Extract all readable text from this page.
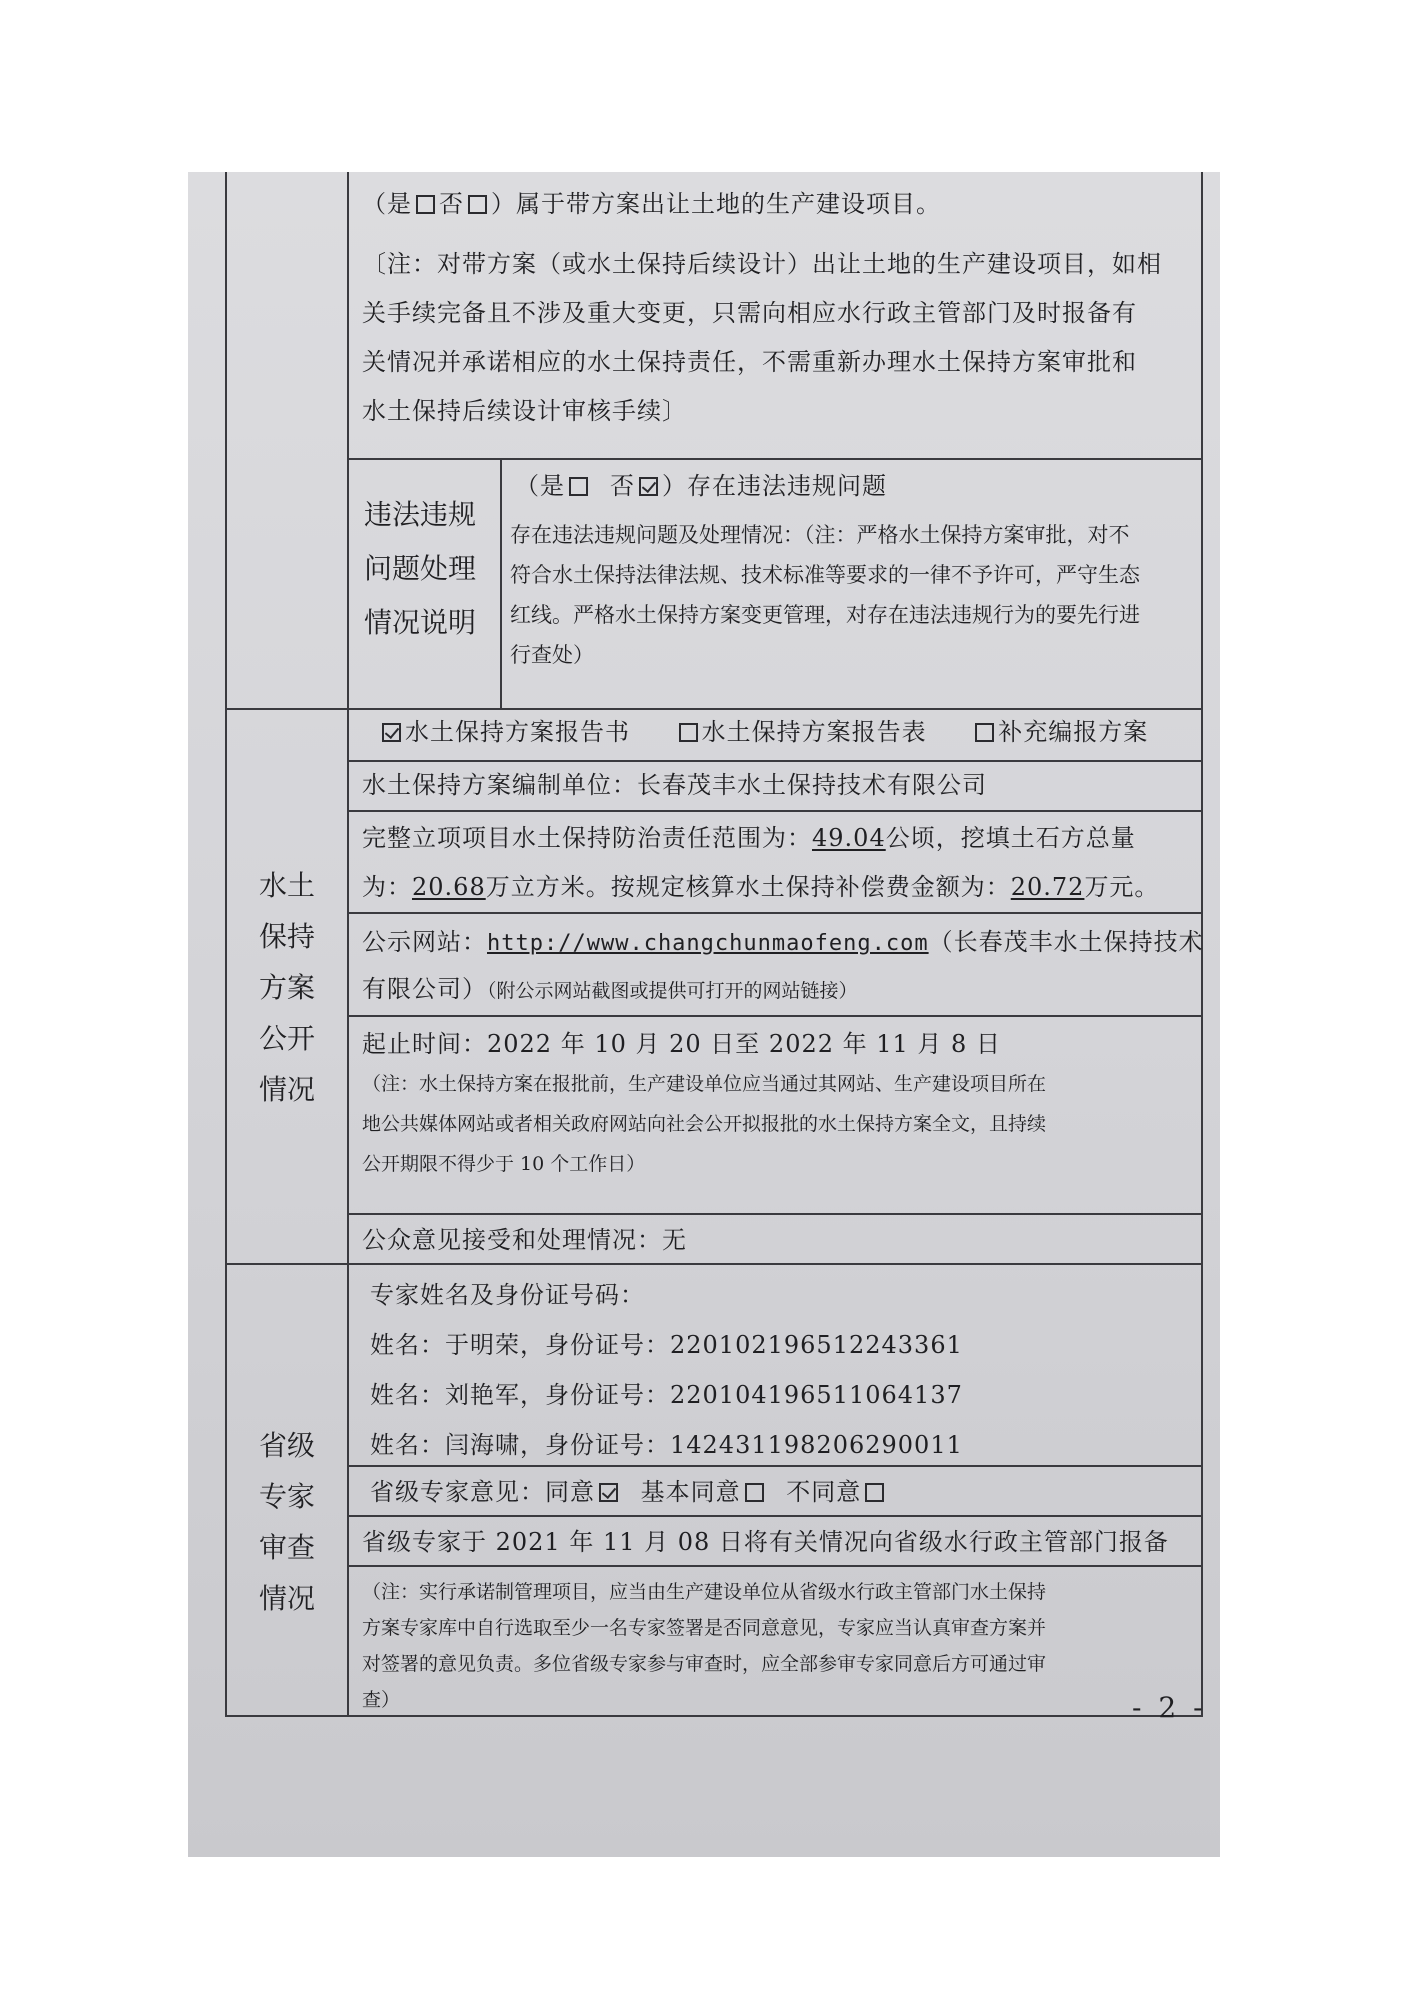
（是 否 ）属于带方案出让土地的生产建设项目。
〔注：对带方案（或水土保持后续设计）出让土地的生产建设项目，如相
关手续完备且不涉及重大变更，只需向相应水行政主管部门及时报备有
关情况并承诺相应的水土保持责任，不需重新办理水土保持方案审批和
水土保持后续设计审核手续〕
违法违规
问题处理
情况说明
（是 否 ）存在违法违规问题
存在违法违规问题及处理情况：（注：严格水土保持方案审批，对不
符合水土保持法律法规、技术标准等要求的一律不予许可，严守生态
红线。严格水土保持方案变更管理，对存在违法违规行为的要先行进
行查处）
水土保持方案公开情况
水土保持方案报告书	水土保持方案报告表	补充编报方案
水土保持方案编制单位：长春茂丰水土保持技术有限公司
完整立项项目水土保持防治责任范围为：49.04公顷，挖填土石方总量
为：20.68万立方米。按规定核算水土保持补偿费金额为：20.72万元。
公示网站：http://www.changchunmaofeng.com（长春茂丰水土保持技术
有限公司）（附公示网站截图或提供可打开的网站链接）
起止时间：2022 年 10 月 20 日至 2022 年 11 月 8 日
（注：水土保持方案在报批前，生产建设单位应当通过其网站、生产建设项目所在
地公共媒体网站或者相关政府网站向社会公开拟报批的水土保持方案全文，且持续
公开期限不得少于 10 个工作日）
公众意见接受和处理情况：无
省级专家审查情况
专家姓名及身份证号码：
姓名：于明荣，身份证号：220102196512243361
姓名：刘艳军，身份证号：220104196511064137
姓名：闫海啸，身份证号：142431198206290011
省级专家意见：同意 基本同意 不同意
省级专家于 2021 年 11 月 08 日将有关情况向省级水行政主管部门报备
（注：实行承诺制管理项目，应当由生产建设单位从省级水行政主管部门水土保持
方案专家库中自行选取至少一名专家签署是否同意意见，专家应当认真审查方案并
对签署的意见负责。多位省级专家参与审查时，应全部参审专家同意后方可通过审
查）	- 2 -
